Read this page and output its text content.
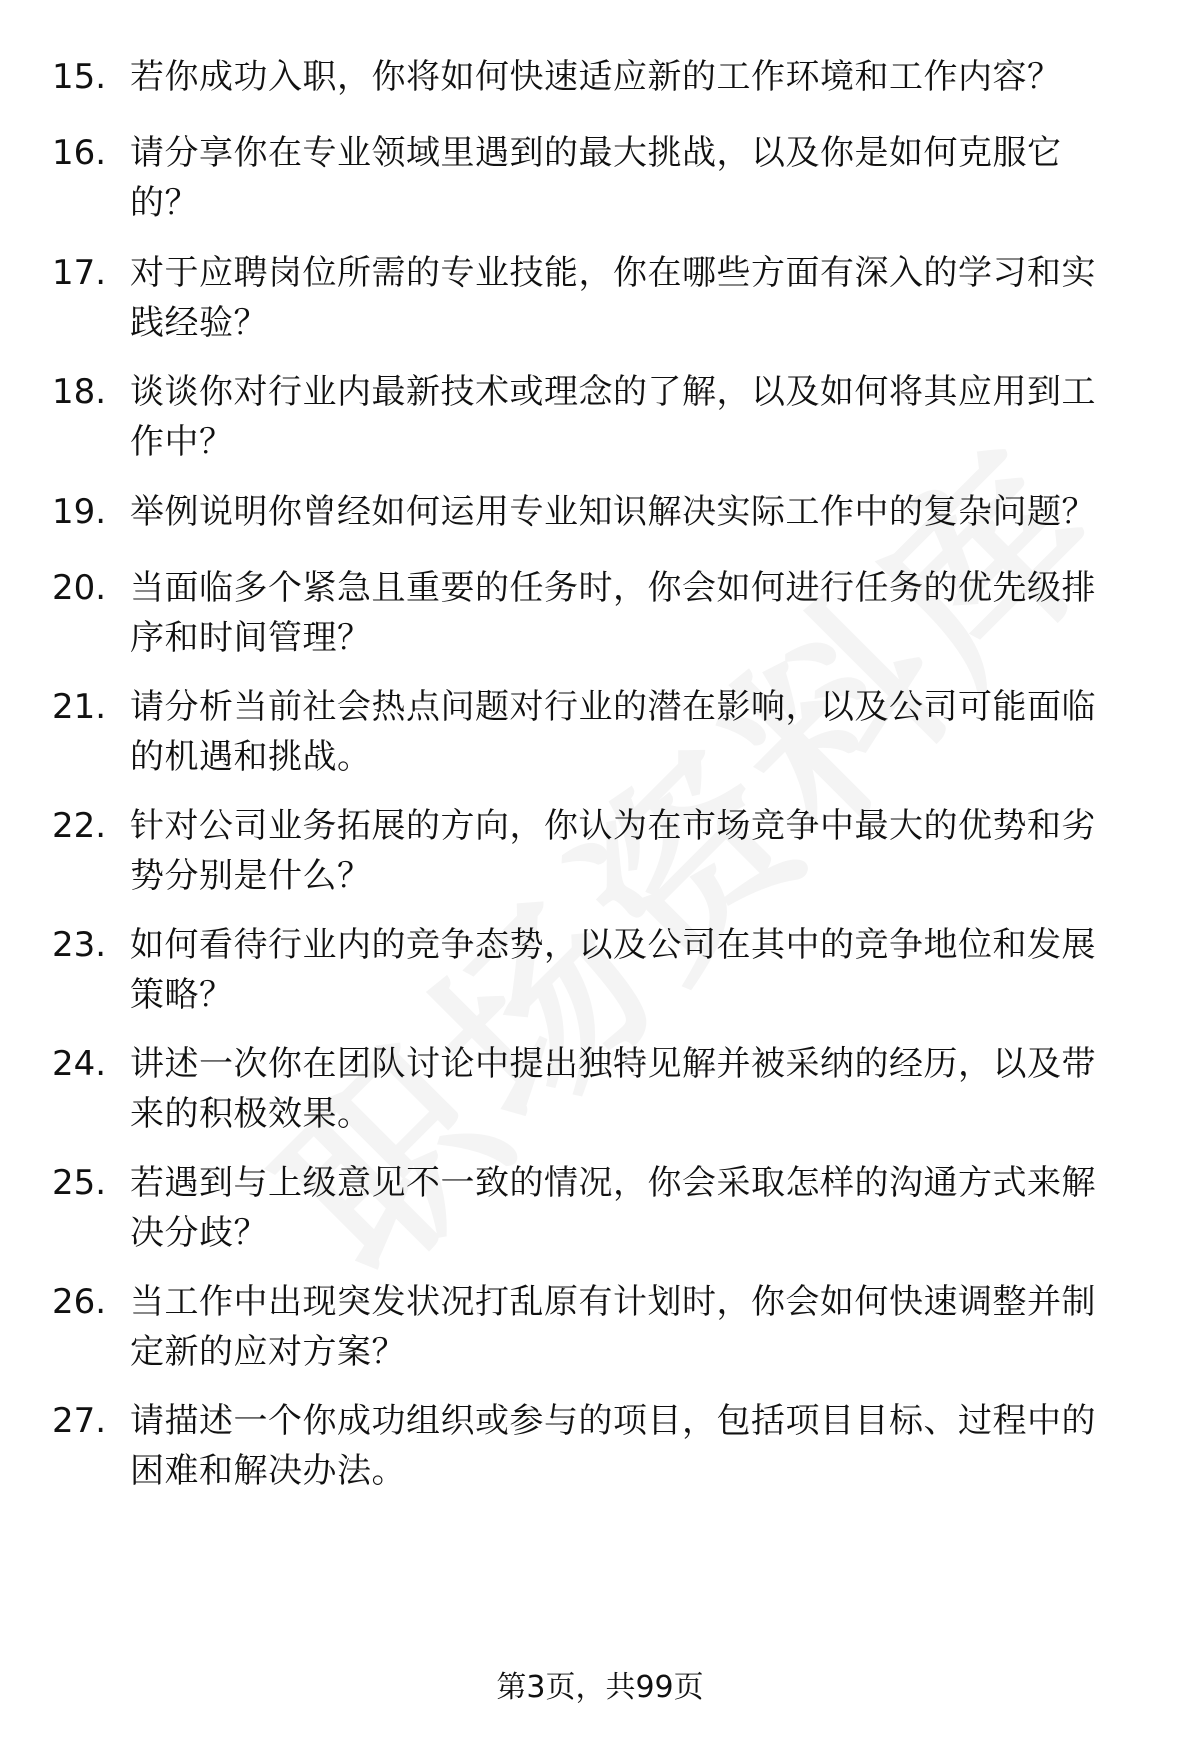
15. 若你成功入职，你将如何快速适应新的工作环境和工作内容？
16. 请分享你在专业领域里遇到的最大挑战，以及你是如何克服它
的？
17. 对于应聘岗位所需的专业技能，你在哪些方面有深入的学习和实
践经验？
18. 谈谈你对行业内最新技术或理念的了解，以及如何将其应用到工
作中？
19. 举例说明你曾经如何运用专业知识解决实际工作中的复杂问题？
20. 当面临多个紧急且重要的任务时，你会如何进行任务的优先级排
序和时间管理？
21. 请分析当前社会热点问题对行业的潜在影响，以及公司可能面临
的机遇和挑战。
22. 针对公司业务拓展的方向，你认为在市场竞争中最大的优势和劣
势分别是什么？
23. 如何看待行业内的竞争态势，以及公司在其中的竞争地位和发展
策略？
24. 讲述一次你在团队讨论中提出独特见解并被采纳的经历，以及带
来的积极效果。
25. 若遇到与上级意见不一致的情况，你会采取怎样的沟通方式来解
决分歧？
26. 当工作中出现突发状况打乱原有计划时，你会如何快速调整并制
定新的应对方案？
27. 请描述一个你成功组织或参与的项目，包括项目目标、过程中的
困难和解决办法。
第3页，共99页
